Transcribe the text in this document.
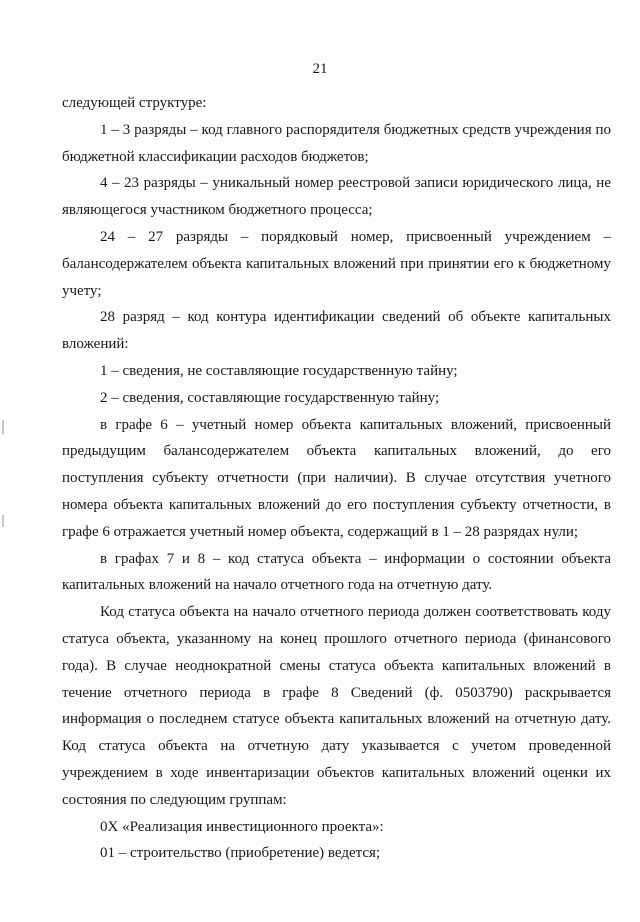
21

следующей структуре:

1 – 3 разряды – код главного распорядителя бюджетных средств учреждения по бюджетной классификации расходов бюджетов;

4 – 23 разряды – уникальный номер реестровой записи юридического лица, не являющегося участником бюджетного процесса;

24 – 27 разряды – порядковый номер, присвоенный учреждением – балансодержателем объекта капитальных вложений при принятии его к бюджетному учету;

28 разряд – код контура идентификации сведений об объекте капитальных вложений:

1 – сведения, не составляющие государственную тайну;

2 – сведения, составляющие государственную тайну;

в графе 6 – учетный номер объекта капитальных вложений, присвоенный предыдущим балансодержателем объекта капитальных вложений, до его поступления субъекту отчетности (при наличии). В случае отсутствия учетного номера объекта капитальных вложений до его поступления субъекту отчетности, в графе 6 отражается учетный номер объекта, содержащий в 1 – 28 разрядах нули;

в графах 7 и 8 – код статуса объекта – информации о состоянии объекта капитальных вложений на начало отчетного года на отчетную дату.

Код статуса объекта на начало отчетного периода должен соответствовать коду статуса объекта, указанному на конец прошлого отчетного периода (финансового года). В случае неоднократной смены статуса объекта капитальных вложений в течение отчетного периода в графе 8 Сведений (ф. 0503790) раскрывается информация о последнем статусе объекта капитальных вложений на отчетную дату. Код статуса объекта на отчетную дату указывается с учетом проведенной учреждением в ходе инвентаризации объектов капитальных вложений оценки их состояния по следующим группам:

0Х «Реализация инвестиционного проекта»:

01 – строительство (приобретение) ведется;
